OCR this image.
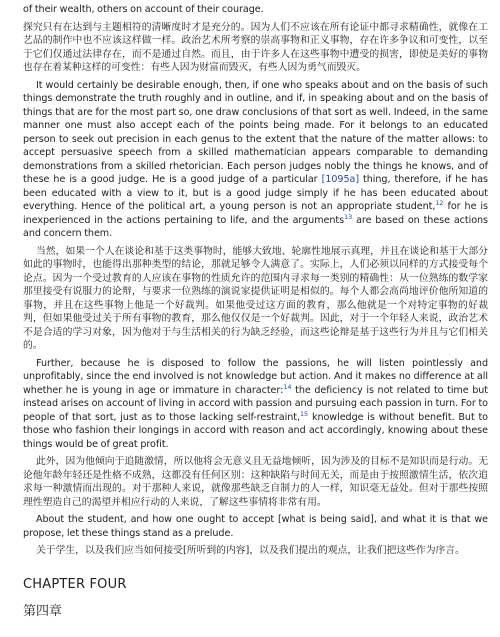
of their wealth, others on account of their courage.

探究只有在达到与主题相符的清晰度时才是充分的。因为人们不应该在所有论证中都寻求精确性，就像在工艺品的制作中也不应该这样做一样。政治艺术所考察的崇高事物和正义事物，存在许多争议和可变性，以至于它们仅通过法律存在，而不是通过自然。而且，由于许多人在这些事物中遭受的损害，即使是美好的事物也存在着某种这样的可变性：有些人因为财富而毁灭，有些人因为勇气而毁灭。

It would certainly be desirable enough, then, if one who speaks about and on the basis of such things demonstrate the truth roughly and in outline, and if, in speaking about and on the basis of things that are for the most part so, one draw conclusions of that sort as well. Indeed, in the same manner one must also accept each of the points being made. For it belongs to an educated person to seek out precision in each genus to the extent that the nature of the matter allows: to accept persuasive speech from a skilled mathematician appears comparable to demanding demonstrations from a skilled rhetorician. Each person judges nobly the things he knows, and of these he is a good judge. He is a good judge of a particular [1095a] thing, therefore, if he has been educated with a view to it, but is a good judge simply if he has been educated about everything. Hence of the political art, a young person is not an appropriate student,$^{12}$ for he is inexperienced in the actions pertaining to life, and the arguments$^{13}$ are based on these actions and concern them.

当然，如果一个人在谈论和基于这类事物时，能够大致地、轮廓性地展示真理，并且在谈论和基于大部分如此的事物时，也能得出那种类型的结论，那就足够令人满意了。实际上，人们必须以同样的方式接受每个论点。因为一个受过教育的人应该在事物的性质允许的范围内寻求每一类别的精确性：从一位熟练的数学家那里接受有说服力的论辩，与要求一位熟练的演说家提供证明是相似的。每个人都会高尚地评价他所知道的事物，并且在这些事物上他是一个好裁判。如果他受过这方面的教育，那么他就是一个对特定事物的好裁判，但如果他受过关于所有事物的教育，那么他仅仅是一个好裁判。因此，对于一个年轻人来说，政治艺术不是合适的学习对象，因为他对于与生活相关的行为缺乏经验，而这些论辩是基于这些行为并且与它们相关的。

Further, because he is disposed to follow the passions, he will listen pointlessly and unprofitably, since the end involved is not knowledge but action. And it makes no difference at all whether he is young in age or immature in character:$^{14}$ the deficiency is not related to time but instead arises on account of living in accord with passion and pursuing each passion in turn. For to people of that sort, just as to those lacking self-restraint,$^{15}$ knowledge is without benefit. But to those who fashion their longings in accord with reason and act accordingly, knowing about these things would be of great profit.

此外，因为他倾向于追随激情，所以他将会无意义且无益地倾听，因为涉及的目标不是知识而是行动。无论他年龄年轻还是性格不成熟，这都没有任何区别：这种缺陷与时间无关，而是由于按照激情生活，依次追求每一种激情而出现的。对于那种人来说，就像那些缺乏自制力的人一样，知识毫无益处。但对于那些按照理性塑造自己的渴望并相应行动的人来说，了解这些事情将非常有用。

About the student, and how one ought to accept [what is being said], and what it is that we propose, let these things stand as a prelude.

关于学生，以及我们应当如何接受[所听到的内容]，以及我们提出的观点，让我们把这些作为序言。

CHAPTER FOUR
第四章
